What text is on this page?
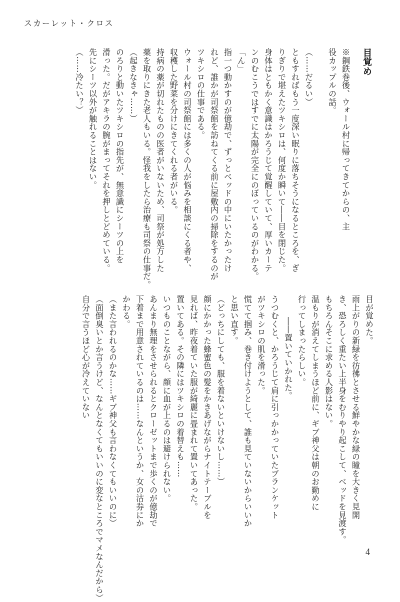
スカーレット・クロス
目覚め
※鋼鉄巻後、ウォール村に帰ってきてからの、主
役カップルの話。
（……だるい）
ともすればもう一度深い眠りに落ちそうになるところを、ぎ
りぎりで堪えたツキシロは、何度か瞬いて――目を閉じた。
身体はともかく意識はかろうじて覚醒していて、厚いカーテ
ンのむこうではすでに太陽が完全にのぼっているのがわかる。
「ん」
指一つ動かすのが億劫で、ずっとベッドの中にいたかったけ
れど、誰かが司祭館を訪ねてくる前に屋敷内の掃除をするのが
ツキシロの仕事である。
ウォール村の司祭館には多くの人が悩みを相談にくる者や、
収穫した野菜を分けにきてくれる者がいる。
持病の薬が切れたものの医者がいないため、司祭が処方した
薬を取りにきた老人もいる。怪我をしたら治療も司祭の仕事だ。
（起きなきゃ……）
のろりと動いたツキシロの指先が、無意識にシーツの上を
滑った。だがアキラの腕がまってそれを押しとどめている。
先にシーツ以外が触れることはない。
（……冷たい？）
目が覚めた。
雨上がりの新緑を彷彿とさせる鮮やかな緑の瞳を大きく見開
き、恐ろしく重たい上半身をむりやり起こして、ベッドを見渡す。
もちろんそこに求める人影はない。
温もりが消えてしまうほど前に、ギブ神父は朝のお勤めに
行ってしまったらしい。
――置いていかれた。
うつむくと、かろうじて肩に引っかかっていたブランケット
がツキシロの肌を滑った。
慌てて掴み、巻き付けようとして、誰も見ていないからいいか
と思い直す。
（どっちにしても、服を着ないといけないし……）
顔にかかった蜂蜜色の髪をかきあげながらナイトテーブルを
見れば、昨夜着ていた服が綺麗に畳まれて置いてあった。
置いてある。その隣にはツキシロの着替えも……
いつものことながら、顔に血が上るのは避けられない。
あんまり無理をさせられるとクローゼットまで歩くのが億劫で
下着まで用意されているのは……なんというか、女の沽券にか
かわる。
（また言われるのかな……ギブ神父も言わなくてもいいのに）
（面倒臭いとか言うけど、なんとなくてもいいのに変なところでマメなんだから）
自分で言うほど心が冷えていない
4
